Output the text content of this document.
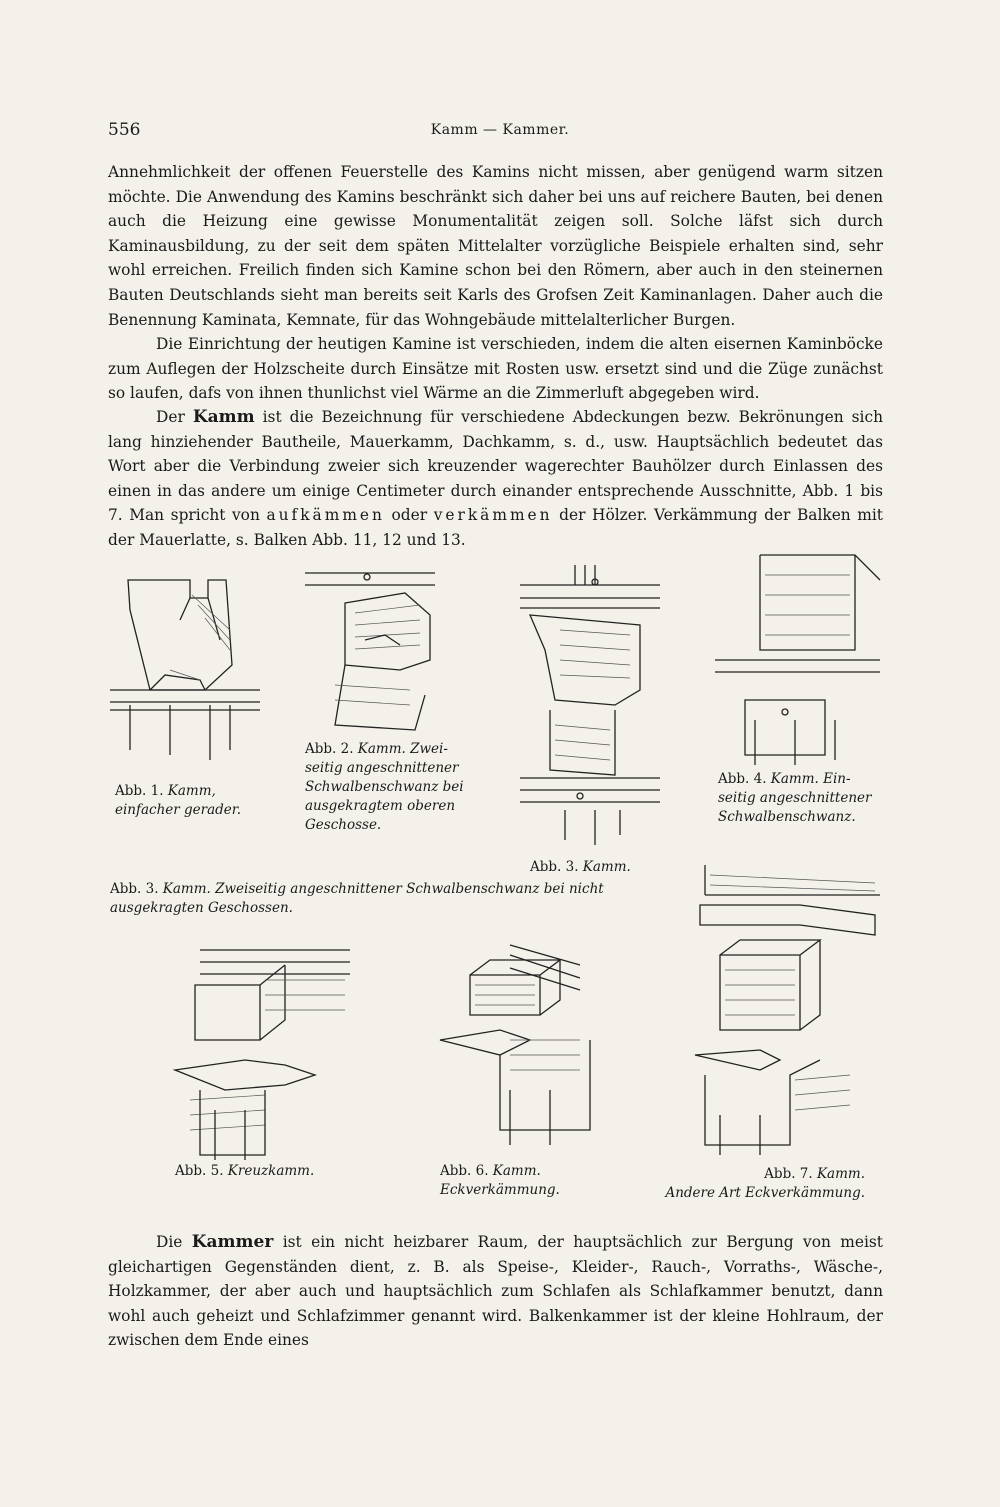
556	Kamm — Kammer.

Annehmlichkeit der offenen Feuerstelle des Kamins nicht missen, aber genügend warm sitzen möchte. Die Anwendung des Kamins beschränkt sich daher bei uns auf reichere Bauten, bei denen auch die Heizung eine gewisse Monumentalität zeigen soll. Solche läfst sich durch Kaminausbildung, zu der seit dem späten Mittelalter vorzügliche Beispiele erhalten sind, sehr wohl erreichen. Freilich finden sich Kamine schon bei den Römern, aber auch in den steinernen Bauten Deutschlands sieht man bereits seit Karls des Grofsen Zeit Kaminanlagen. Daher auch die Benennung Kaminata, Kemnate, für das Wohngebäude mittelalterlicher Burgen.

Die Einrichtung der heutigen Kamine ist verschieden, indem die alten eisernen Kaminböcke zum Auflegen der Holzscheite durch Einsätze mit Rosten usw. ersetzt sind und die Züge zunächst so laufen, dafs von ihnen thunlichst viel Wärme an die Zimmerluft abgegeben wird.

Der Kamm ist die Bezeichnung für verschiedene Abdeckungen bezw. Bekrönungen sich lang hinziehender Bautheile, Mauerkamm, Dachkamm, s. d., usw. Hauptsächlich bedeutet das Wort aber die Verbindung zweier sich kreuzender wagerechter Bauhölzer durch Einlassen des einen in das andere um einige Centimeter durch einander entsprechende Ausschnitte, Abb. 1 bis 7. Man spricht von aufkämmen oder verkämmen der Hölzer. Verkämmung der Balken mit der Mauerlatte, s. Balken Abb. 11, 12 und 13.

Abb. 1. Kamm,
einfacher gerader.
Abb. 2. Kamm. Zwei-seitig angeschnittener Schwalbenschwanz bei ausgekragtem oberen Geschosse.
Abb. 3. Kamm.
Abb. 4. Kamm. Ein-seitig angeschnittener Schwalbenschwanz.
Abb. 3. Kamm. Zweiseitig angeschnittener Schwalbenschwanz bei nicht ausgekragten Geschossen.
Abb. 5. Kreuzkamm.	Abb. 6. Kamm.
Eckverkämmung.
Abb. 7. Kamm.
Andere Art Eckverkämmung.

Die Kammer ist ein nicht heizbarer Raum, der hauptsächlich zur Bergung von meist gleichartigen Gegenständen dient, z. B. als Speise-, Kleider-, Rauch-, Vorraths-, Wäsche-, Holzkammer, der aber auch und hauptsächlich zum Schlafen als Schlafkammer benutzt, dann wohl auch geheizt und Schlafzimmer genannt wird. Balkenkammer ist der kleine Hohlraum, der zwischen dem Ende eines
